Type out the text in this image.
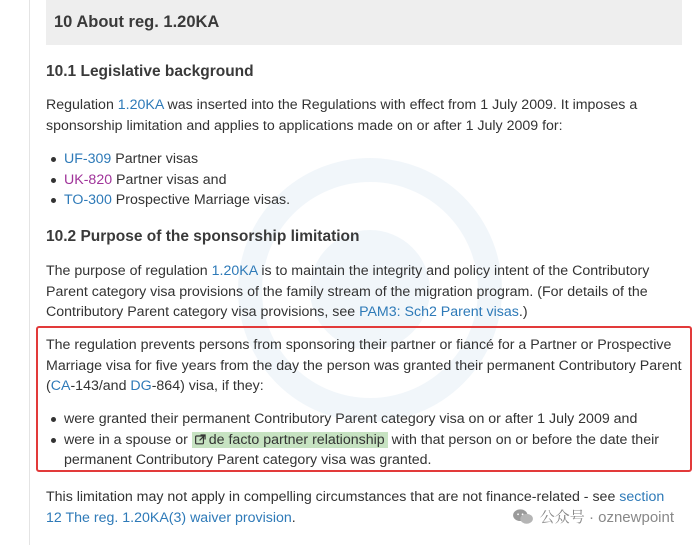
10 About reg. 1.20KA
10.1 Legislative background

Regulation 1.20KA was inserted into the Regulations with effect from 1 July 2009. It imposes a sponsorship limitation and applies to applications made on or after 1 July 2009 for:

UF-309 Partner visas
UK-820 Partner visas and
TO-300 Prospective Marriage visas.
10.2 Purpose of the sponsorship limitation

The purpose of regulation 1.20KA is to maintain the integrity and policy intent of the Contributory Parent category visa provisions of the family stream of the migration program. (For details of the Contributory Parent category visa provisions, see PAM3: Sch2 Parent visas.)

The regulation prevents persons from sponsoring their partner or fiancé for a Partner or Prospective Marriage visa for five years from the day the person was granted their permanent Contributory Parent (CA-143/and DG-864) visa, if they:

were granted their permanent Contributory Parent category visa on or after 1 July 2009 and
were in a spouse or de facto partner relationship with that person on or before the date their permanent Contributory Parent category visa was granted.

This limitation may not apply in compelling circumstances that are not finance-related - see section 12 The reg. 1.20KA(3) waiver provision.	公众号 · oznewpoint
